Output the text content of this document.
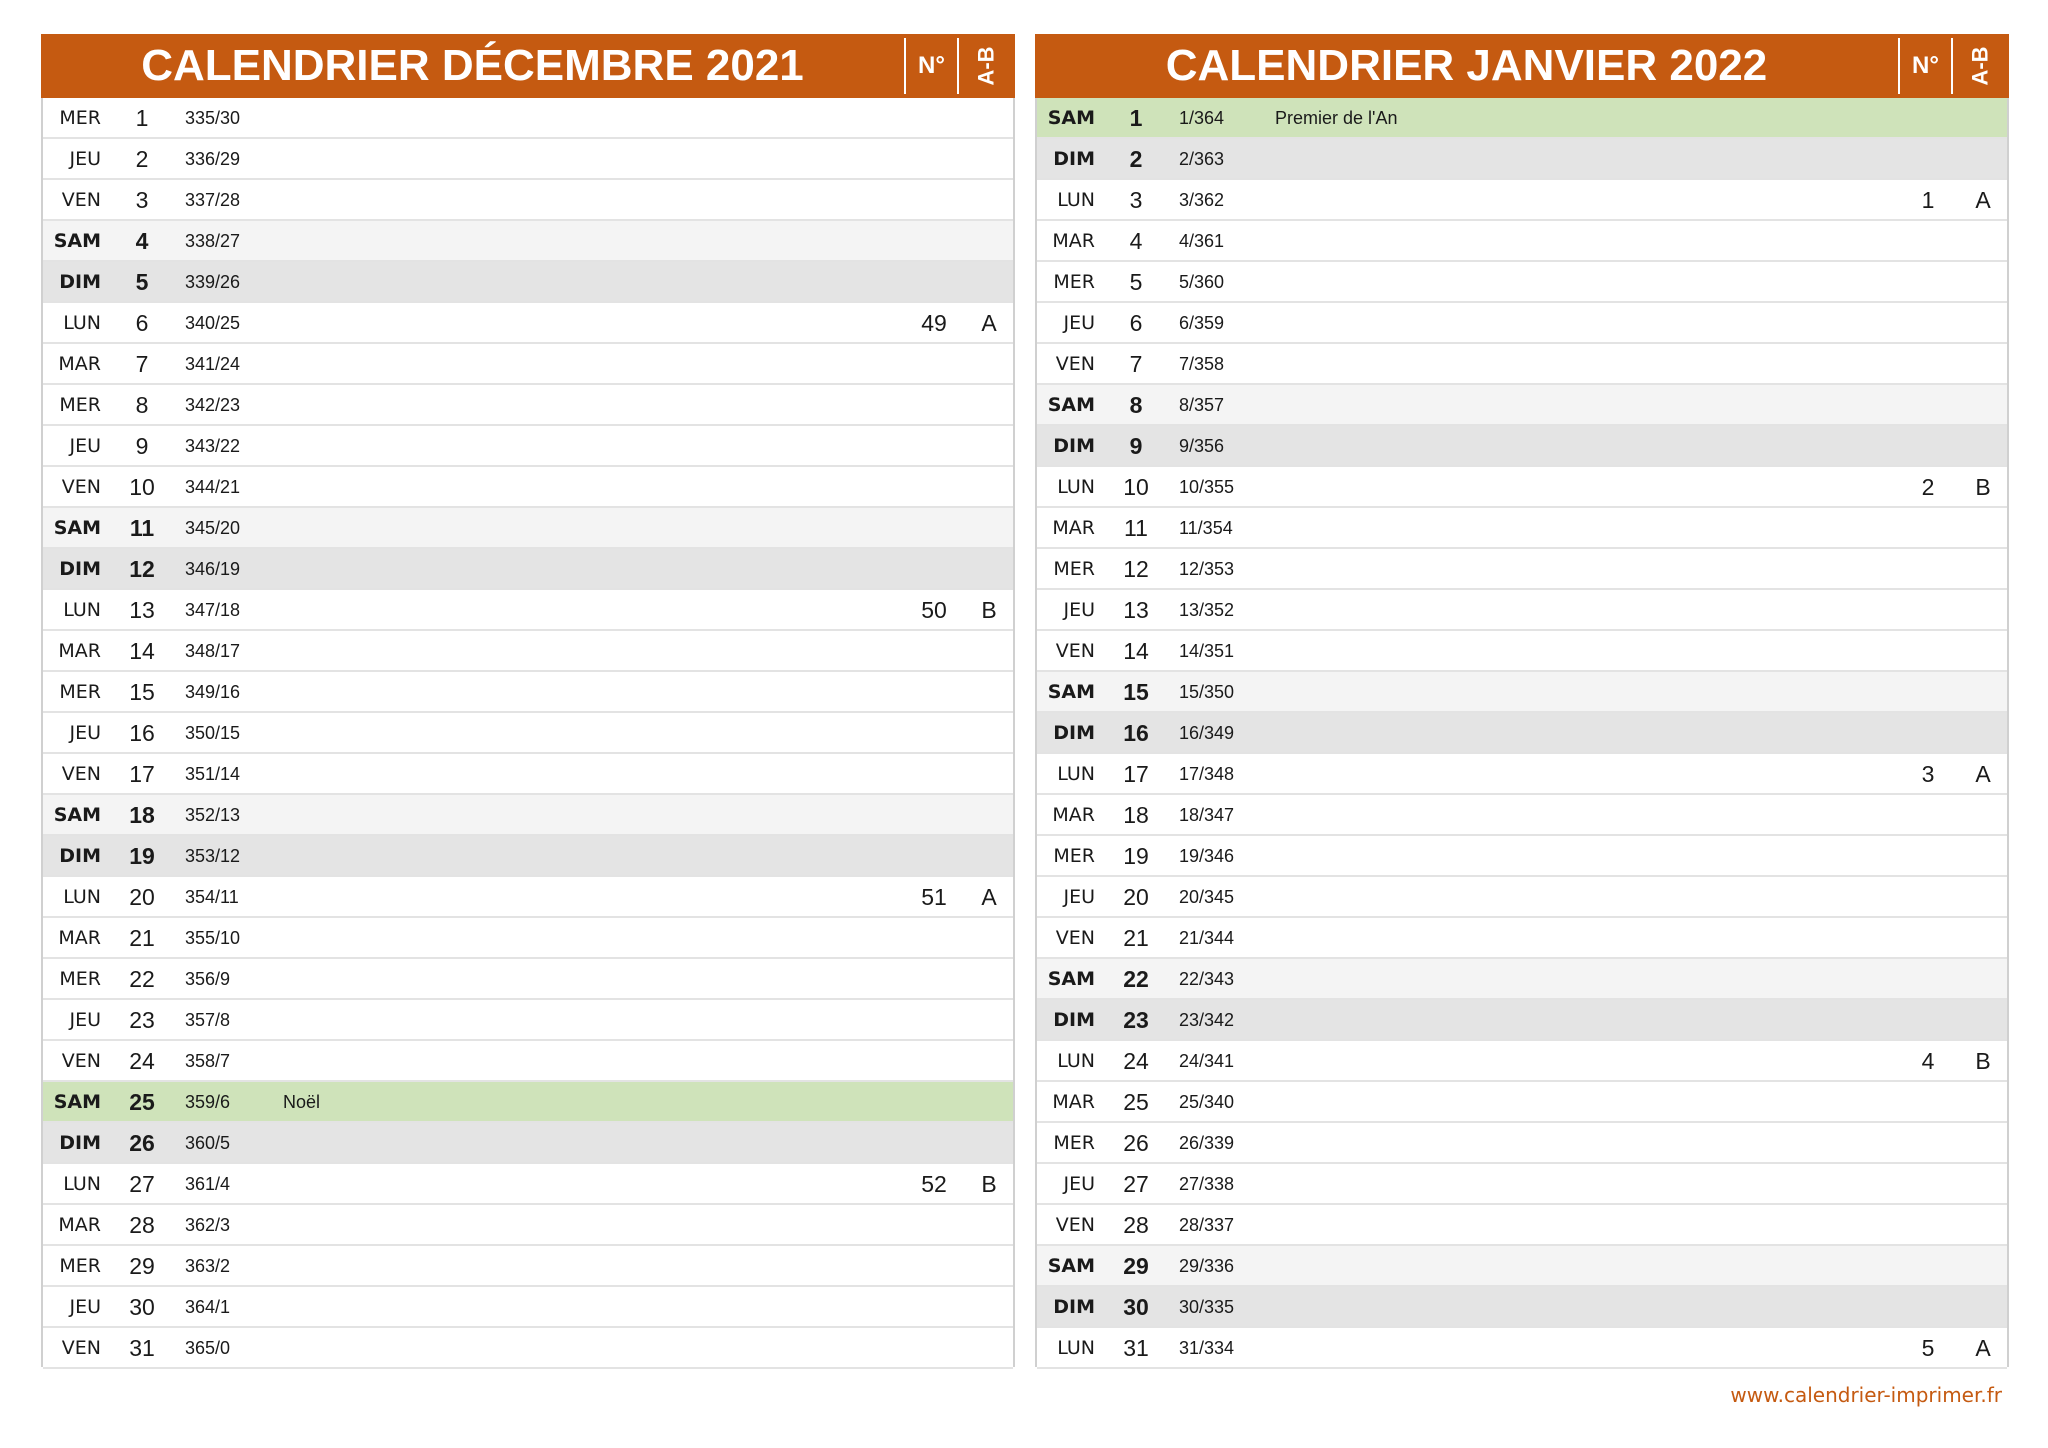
CALENDRIER DÉCEMBRE 2021	N°	A-B
MER	1	335/30
JEU	2	336/29
VEN	3	337/28
SAM	4	338/27
DIM	5	339/26
LUN	6	340/25	49	A
MAR	7	341/24
MER	8	342/23
JEU	9	343/22
VEN	10	344/21
SAM	11	345/20
DIM	12	346/19
LUN	13	347/18	50	B
MAR	14	348/17
MER	15	349/16
JEU	16	350/15
VEN	17	351/14
SAM	18	352/13
DIM	19	353/12
LUN	20	354/11	51	A
MAR	21	355/10
MER	22	356/9
JEU	23	357/8
VEN	24	358/7
SAM	25	359/6	Noël
DIM	26	360/5
LUN	27	361/4	52	B
MAR	28	362/3
MER	29	363/2
JEU	30	364/1
VEN	31	365/0
CALENDRIER JANVIER 2022	N°	A-B
SAM	1	1/364	Premier de l'An
DIM	2	2/363
LUN	3	3/362	1	A
MAR	4	4/361
MER	5	5/360
JEU	6	6/359
VEN	7	7/358
SAM	8	8/357
DIM	9	9/356
LUN	10	10/355	2	B
MAR	11	11/354
MER	12	12/353
JEU	13	13/352
VEN	14	14/351
SAM	15	15/350
DIM	16	16/349
LUN	17	17/348	3	A
MAR	18	18/347
MER	19	19/346
JEU	20	20/345
VEN	21	21/344
SAM	22	22/343
DIM	23	23/342
LUN	24	24/341	4	B
MAR	25	25/340
MER	26	26/339
JEU	27	27/338
VEN	28	28/337
SAM	29	29/336
DIM	30	30/335
LUN	31	31/334	5	A
www.calendrier-imprimer.fr
